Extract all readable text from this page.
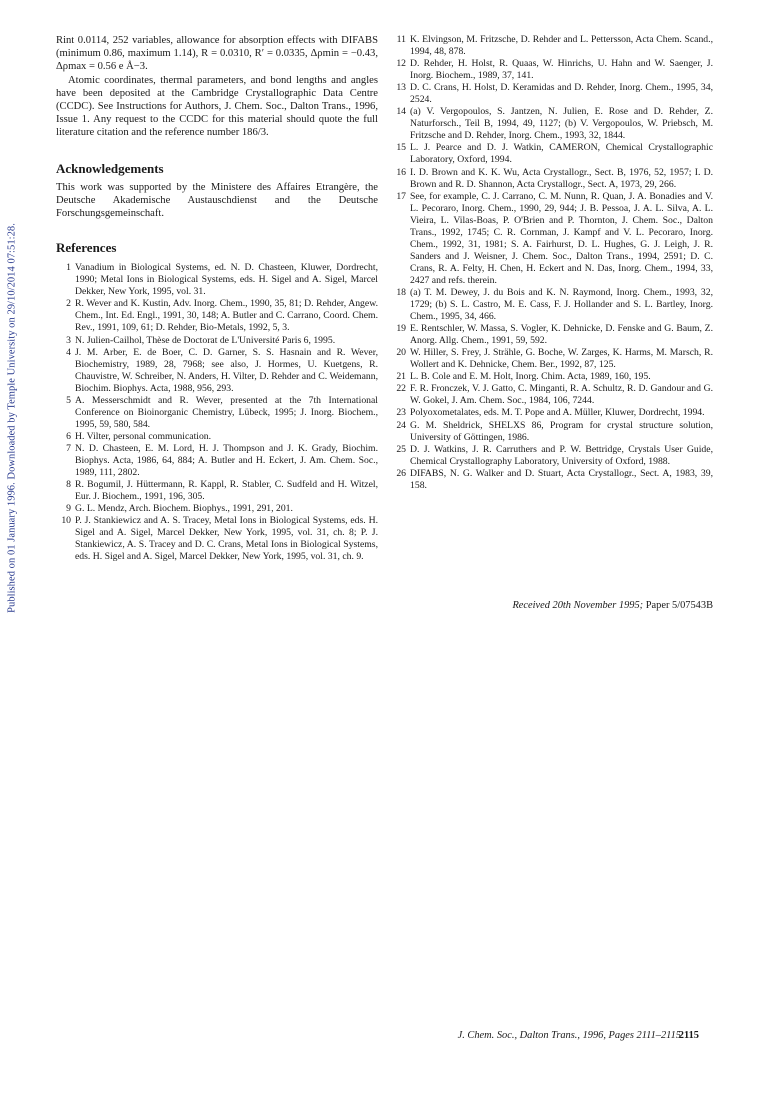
Published on 01 January 1996. Downloaded by Temple University on 29/10/2014 07:51:28.

Rint 0.0114, 252 variables, allowance for absorption effects with DIFABS (minimum 0.86, maximum 1.14), R = 0.0310, R′ = 0.0335, Δρmin = −0.43, Δρmax = 0.56 e Å−3.

Atomic coordinates, thermal parameters, and bond lengths and angles have been deposited at the Cambridge Crystallographic Data Centre (CCDC). See Instructions for Authors, J. Chem. Soc., Dalton Trans., 1996, Issue 1. Any request to the CCDC for this material should quote the full literature citation and the reference number 186/3.

Acknowledgements

This work was supported by the Ministere des Affaires Etrangère, the Deutsche Akademische Austauschdienst and the Deutsche Forschungsgemeinschaft.

References
1 Vanadium in Biological Systems, ed. N. D. Chasteen, Kluwer, Dordrecht, 1990; Metal Ions in Biological Systems, eds. H. Sigel and A. Sigel, Marcel Dekker, New York, 1995, vol. 31.
2 R. Wever and K. Kustin, Adv. Inorg. Chem., 1990, 35, 81; D. Rehder, Angew. Chem., Int. Ed. Engl., 1991, 30, 148; A. Butler and C. Carrano, Coord. Chem. Rev., 1991, 109, 61; D. Rehder, Bio-Metals, 1992, 5, 3.
3 N. Julien-Cailhol, Thèse de Doctorat de L'Université Paris 6, 1995.
4 J. M. Arber, E. de Boer, C. D. Garner, S. S. Hasnain and R. Wever, Biochemistry, 1989, 28, 7968; see also, J. Hormes, U. Kuetgens, R. Chauvistre, W. Schreiber, N. Anders, H. Vilter, D. Rehder and C. Weidemann, Biochim. Biophys. Acta, 1988, 956, 293.
5 A. Messerschmidt and R. Wever, presented at the 7th International Conference on Bioinorganic Chemistry, Lübeck, 1995; J. Inorg. Biochem., 1995, 59, 580, 584.
6 H. Vilter, personal communication.
7 N. D. Chasteen, E. M. Lord, H. J. Thompson and J. K. Grady, Biochim. Biophys. Acta, 1986, 64, 884; A. Butler and H. Eckert, J. Am. Chem. Soc., 1989, 111, 2802.
8 R. Bogumil, J. Hüttermann, R. Kappl, R. Stabler, C. Sudfeld and H. Witzel, Eur. J. Biochem., 1991, 196, 305.
9 G. L. Mendz, Arch. Biochem. Biophys., 1991, 291, 201.
10 P. J. Stankiewicz and A. S. Tracey, Metal Ions in Biological Systems, eds. H. Sigel and A. Sigel, Marcel Dekker, New York, 1995, vol. 31, ch. 8; P. J. Stankiewicz, A. S. Tracey and D. C. Crans, Metal Ions in Biological Systems, eds. H. Sigel and A. Sigel, Marcel Dekker, New York, 1995, vol. 31, ch. 9.
11 K. Elvingson, M. Fritzsche, D. Rehder and L. Pettersson, Acta Chem. Scand., 1994, 48, 878.
12 D. Rehder, H. Holst, R. Quaas, W. Hinrichs, U. Hahn and W. Saenger, J. Inorg. Biochem., 1989, 37, 141.
13 D. C. Crans, H. Holst, D. Keramidas and D. Rehder, Inorg. Chem., 1995, 34, 2524.
14 (a) V. Vergopoulos, S. Jantzen, N. Julien, E. Rose and D. Rehder, Z. Naturforsch., Teil B, 1994, 49, 1127; (b) V. Vergopoulos, W. Priebsch, M. Fritzsche and D. Rehder, Inorg. Chem., 1993, 32, 1844.
15 L. J. Pearce and D. J. Watkin, CAMERON, Chemical Crystallographic Laboratory, Oxford, 1994.
16 I. D. Brown and K. K. Wu, Acta Crystallogr., Sect. B, 1976, 52, 1957; I. D. Brown and R. D. Shannon, Acta Crystallogr., Sect. A, 1973, 29, 266.
17 See, for example, C. J. Carrano, C. M. Nunn, R. Quan, J. A. Bonadies and V. L. Pecoraro, Inorg. Chem., 1990, 29, 944; J. B. Pessoa, J. A. L. Silva, A. L. Vieira, L. Vilas-Boas, P. O'Brien and P. Thornton, J. Chem. Soc., Dalton Trans., 1992, 1745; C. R. Cornman, J. Kampf and V. L. Pecoraro, Inorg. Chem., 1992, 31, 1981; S. A. Fairhurst, D. L. Hughes, G. J. Leigh, J. R. Sanders and J. Weisner, J. Chem. Soc., Dalton Trans., 1994, 2591; D. C. Crans, R. A. Felty, H. Chen, H. Eckert and N. Das, Inorg. Chem., 1994, 33, 2427 and refs. therein.
18 (a) T. M. Dewey, J. du Bois and K. N. Raymond, Inorg. Chem., 1993, 32, 1729; (b) S. L. Castro, M. E. Cass, F. J. Hollander and S. L. Bartley, Inorg. Chem., 1995, 34, 466.
19 E. Rentschler, W. Massa, S. Vogler, K. Dehnicke, D. Fenske and G. Baum, Z. Anorg. Allg. Chem., 1991, 59, 592.
20 W. Hiller, S. Frey, J. Strähle, G. Boche, W. Zarges, K. Harms, M. Marsch, R. Wollert and K. Dehnicke, Chem. Ber., 1992, 87, 125.
21 L. B. Cole and E. M. Holt, Inorg. Chim. Acta, 1989, 160, 195.
22 F. R. Fronczek, V. J. Gatto, C. Minganti, R. A. Schultz, R. D. Gandour and G. W. Gokel, J. Am. Chem. Soc., 1984, 106, 7244.
23 Polyoxometalates, eds. M. T. Pope and A. Müller, Kluwer, Dordrecht, 1994.
24 G. M. Sheldrick, SHELXS 86, Program for crystal structure solution, University of Göttingen, 1986.
25 D. J. Watkins, J. R. Carruthers and P. W. Bettridge, Crystals User Guide, Chemical Crystallography Laboratory, University of Oxford, 1988.
26 DIFABS, N. G. Walker and D. Stuart, Acta Crystallogr., Sect. A, 1983, 39, 158.
Received 20th November 1995; Paper 5/07543B
J. Chem. Soc., Dalton Trans., 1996, Pages 2111–2115
2115
